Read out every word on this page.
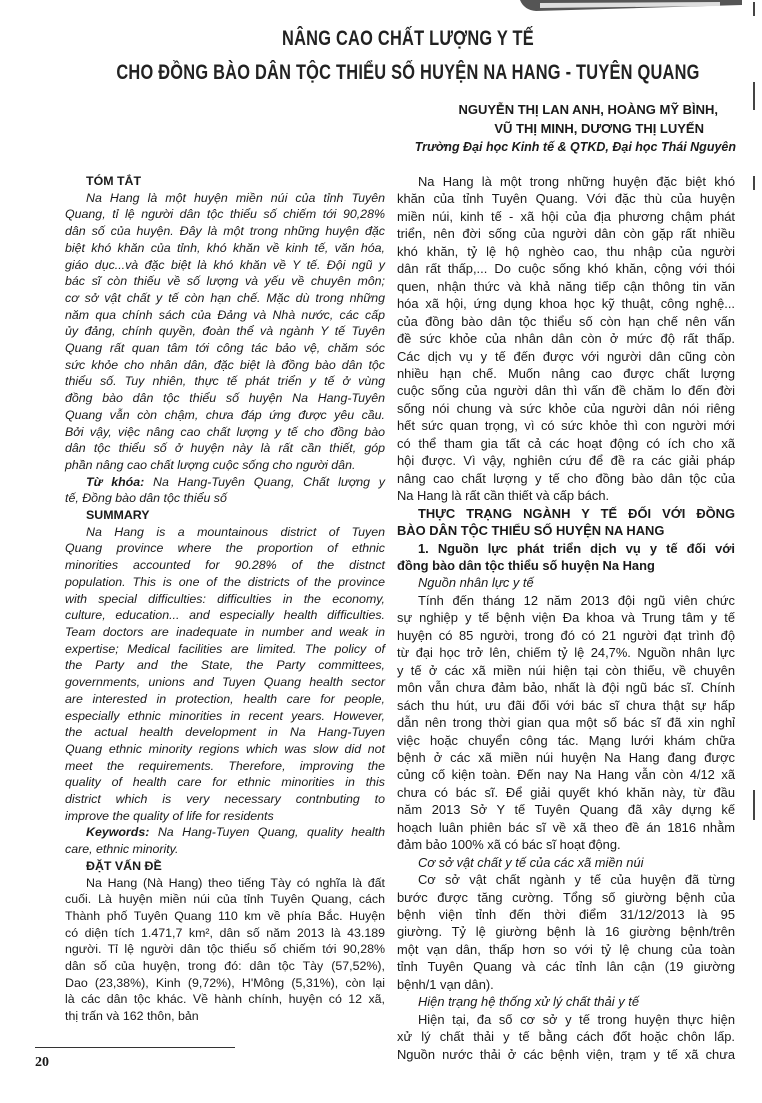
NÂNG CAO CHẤT LƯỢNG Y TẾ
CHO ĐỒNG BÀO DÂN TỘC THIỂU SỐ HUYỆN NA HANG - TUYÊN QUANG
NGUYỄN THỊ LAN ANH, HOÀNG MỸ BÌNH,
VŨ THỊ MINH, DƯƠNG THỊ LUYẾN
Trường Đại học Kinh tế & QTKD, Đại học Thái Nguyên
TÓM TẮT
Na Hang là một huyện miền núi của tỉnh Tuyên
Quang, tỉ lệ người dân tộc thiểu số chiếm tới 90,28%
dân số của huyện. Đây là một trong những huyện đặc
biệt khó khăn của tỉnh, khó khăn về kinh tế, văn hóa,
giáo dục...và đặc biệt là khó khăn về Y tế. Đội ngũ y
bác sĩ còn thiếu về số lượng và yếu về chuyên môn;
cơ sở vật chất y tế còn hạn chế. Mặc dù trong những
năm qua chính sách của Đảng và Nhà nước, các cấp
ủy đảng, chính quyền, đoàn thể và ngành Y tế Tuyên
Quang rất quan tâm tới công tác bảo vệ, chăm sóc
sức khỏe cho nhân dân, đặc biệt là đồng bào dân tộc
thiểu số. Tuy nhiên, thực tế phát triển y tế ở vùng
đồng bào dân tộc thiểu số huyện Na Hang-Tuyên
Quang vẫn còn chậm, chưa đáp ứng được yêu cầu.
Bởi vậy, việc nâng cao chất lượng y tế cho đồng bào
dân tộc thiểu số ở huyện này là rất cần thiết, góp
phần nâng cao chất lượng cuộc sống cho người dân.
Từ khóa: Na Hang-Tuyên Quang, Chất lượng y
tế, Đồng bào dân tộc thiểu số
SUMMARY
Na Hang is a mountainous district of Tuyen
Quang province where the proportion of ethnic
minorities accounted for 90.28% of the distnct
population. This is one of the districts of the province
with special difficulties: difficulties in the economy,
culture, education... and especially health difficulties.
Team doctors are inadequate in number and weak in
expertise; Medical facilities are limited. The policy of
the Party and the State, the Party committees,
governments, unions and Tuyen Quang health sector
are interested in protection, health care for people,
especially ethnic minorities in recent years. However,
the actual health development in Na Hang-Tuyen
Quang ethnic minority regions which was slow did not
meet the requirements. Therefore, improving the
quality of health care for ethnic minorities in this
district which is very necessary contnbuting to
improve the quality of life for residents
Keywords: Na Hang-Tuyen Quang, quality health
care, ethnic minority.
ĐẶT VẤN ĐỀ
Na Hang (Nà Hang) theo tiếng Tày có nghĩa là đất
cuối. Là huyện miền núi của tỉnh Tuyên Quang, cách
Thành phố Tuyên Quang 110 km về phía Bắc. Huyện
có diện tích 1.471,7 km², dân số năm 2013 là 43.189
người. Tỉ lệ người dân tộc thiểu số chiếm tới 90,28%
dân số của huyện, trong đó: dân tộc Tày (57,52%),
Dao (23,38%), Kinh (9,72%), H'Mông (5,31%), còn lại
là các dân tộc khác. Về hành chính, huyện có 12 xã,
thị trấn và 162 thôn, bản
Na Hang là một trong những huyện đặc biệt khó
khăn của tỉnh Tuyên Quang. Với đặc thù của huyện
miền núi, kinh tế - xã hội của địa phương chậm phát
triển, nên đời sống của người dân còn gặp rất nhiều
khó khăn, tỷ lệ hộ nghèo cao, thu nhập của người
dân rất thấp,... Do cuộc sống khó khăn, cộng với thói
quen, nhận thức và khả năng tiếp cận thông tin văn
hóa xã hội, ứng dụng khoa học kỹ thuật, công nghệ...
của đồng bào dân tộc thiểu số còn hạn chế nên vấn
đề sức khỏe của nhân dân còn ở mức độ rất thấp.
Các dịch vụ y tế đến được với người dân cũng còn
nhiều hạn chế. Muốn nâng cao được chất lượng
cuộc sống của người dân thì vấn đề chăm lo đến đời
sống nói chung và sức khỏe của người dân nói riêng
hết sức quan trọng, vì có sức khỏe thì con người mới
có thể tham gia tất cả các hoạt động có ích cho xã
hội được. Vì vậy, nghiên cứu để đề ra các giải pháp
nâng cao chất lượng y tế cho đồng bào dân tộc của
Na Hang là rất cần thiết và cấp bách.
THỰC TRẠNG NGÀNH Y TẾ ĐỐI VỚI ĐỒNG
BÀO DÂN TỘC THIỂU SỐ HUYỆN NA HANG
1. Nguồn lực phát triển dịch vụ y tế đối với
đồng bào dân tộc thiểu số huyện Na Hang
Nguồn nhân lực y tế
Tính đến tháng 12 năm 2013 đội ngũ viên chức
sự nghiệp y tế bệnh viện Đa khoa và Trung tâm y tế
huyện có 85 người, trong đó có 21 người đạt trình độ
từ đại học trở lên, chiếm tỷ lệ 24,7%. Nguồn nhân lực
y tế ở các xã miền núi hiện tại còn thiếu, về chuyên
môn vẫn chưa đảm bảo, nhất là đội ngũ bác sĩ. Chính
sách thu hút, ưu đãi đối với bác sĩ chưa thật sự hấp
dẫn nên trong thời gian qua một số bác sĩ đã xin nghỉ
việc hoặc chuyển công tác. Mạng lưới khám chữa
bệnh ở các xã miền núi huyện Na Hang đang được
củng cố kiện toàn. Đến nay Na Hang vẫn còn 4/12 xã
chưa có bác sĩ. Để giải quyết khó khăn này, từ đầu
năm 2013 Sở Y tế Tuyên Quang đã xây dựng kế
hoạch luân phiên bác sĩ về xã theo đề án 1816 nhằm
đảm bảo 100% xã có bác sĩ hoạt động.
Cơ sở vật chất y tế của các xã miền núi
Cơ sở vật chất ngành y tế của huyện đã từng
bước được tăng cường. Tổng số giường bệnh của
bệnh viện tỉnh đến thời điểm 31/12/2013 là 95
giường. Tỷ lệ giường bệnh là 16 giường bệnh/trên
một vạn dân, thấp hơn so với tỷ lệ chung của toàn
tỉnh Tuyên Quang và các tỉnh lân cận (19 giường
bệnh/1 vạn dân).
Hiện trạng hệ thống xử lý chất thải y tế
Hiện tại, đa số cơ sở y tế trong huyện thực hiện
xử lý chất thải y tế bằng cách đốt hoặc chôn lấp.
Nguồn nước thải ở các bệnh viện, trạm y tế xã chưa
20
